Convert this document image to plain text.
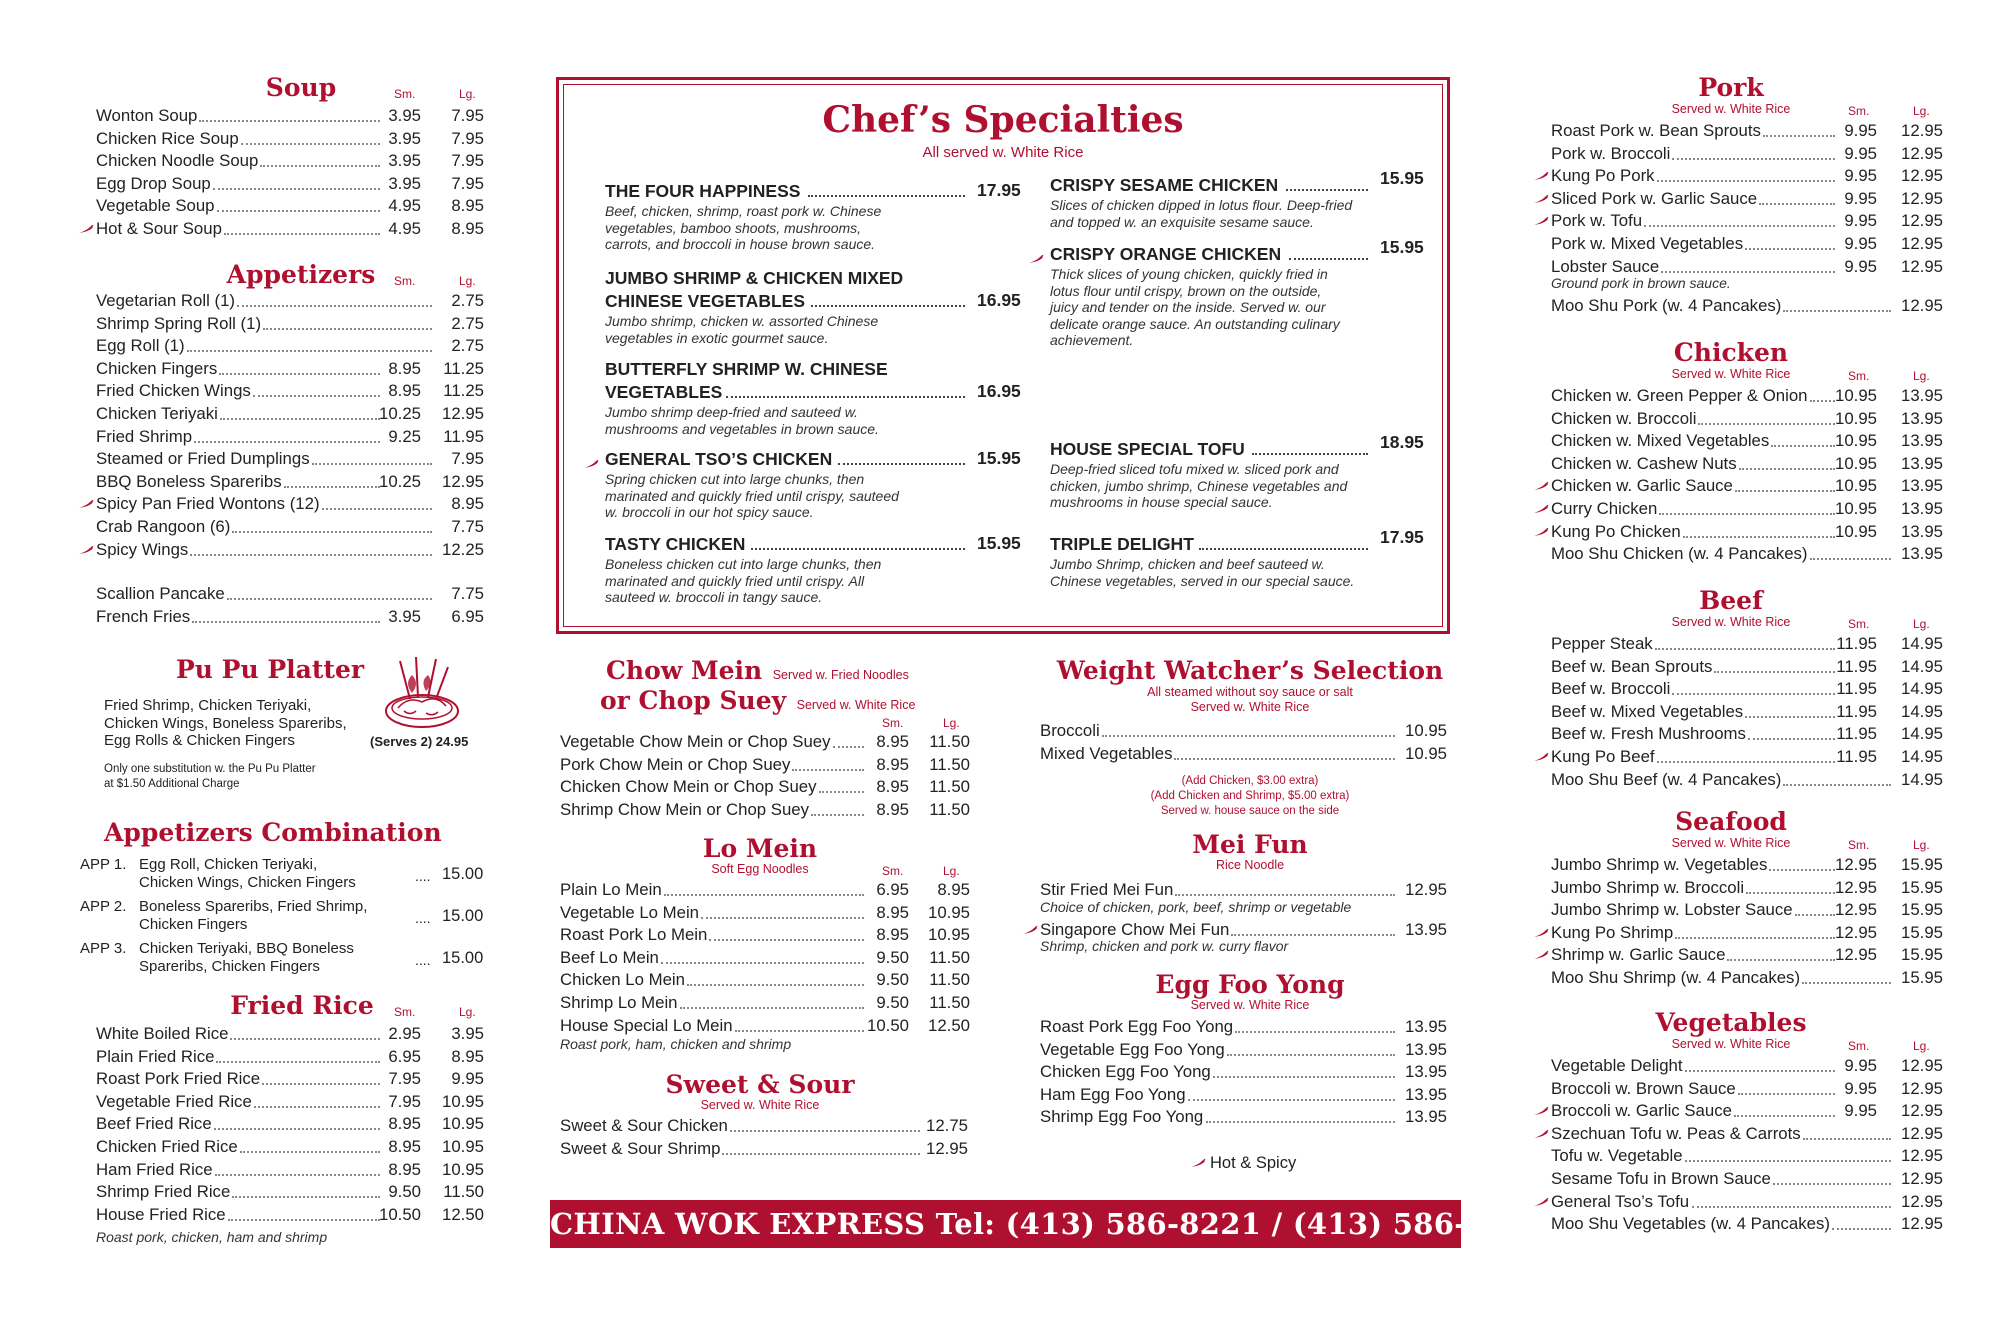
Soup	Sm.	Lg.
Wonton Soup	3.95	7.95
Chicken Rice Soup	3.95	7.95
Chicken Noodle Soup	3.95	7.95
Egg Drop Soup	3.95	7.95
Vegetable Soup	4.95	8.95
Hot & Sour Soup	4.95	8.95
Appetizers	Sm.	Lg.
Vegetarian Roll (1)	2.75
Shrimp Spring Roll (1)	2.75
Egg Roll (1)	2.75
Chicken Fingers	8.95	11.25
Fried Chicken Wings	8.95	11.25
Chicken Teriyaki	10.25	12.95
Fried Shrimp	9.25	11.95
Steamed or Fried Dumplings	7.95
BBQ Boneless Spareribs	10.25	12.95
Spicy Pan Fried Wontons (12)	8.95
Crab Rangoon (6)	7.75
Spicy Wings	12.25
Scallion Pancake	7.75
French Fries	3.95	6.95
Pu Pu Platter
Fried Shrimp, Chicken Teriyaki,
Chicken Wings, Boneless Spareribs,
Egg Rolls & Chicken Fingers	(Serves 2) 24.95
Only one substitution w. the Pu Pu Platter
at $1.50 Additional Charge
Appetizers Combination
APP 1. Egg Roll, Chicken Teriyaki,
Chicken Wings, Chicken Fingers	.... 15.00
APP 2. Boneless Spareribs, Fried Shrimp,
Chicken Fingers	.... 15.00
APP 3. Chicken Teriyaki, BBQ Boneless
Spareribs, Chicken Fingers	.... 15.00
Fried Rice	Sm.	Lg.
White Boiled Rice	2.95	3.95
Plain Fried Rice	6.95	8.95
Roast Pork Fried Rice	7.95	9.95
Vegetable Fried Rice	7.95	10.95
Beef Fried Rice	8.95	10.95
Chicken Fried Rice	8.95	10.95
Ham Fried Rice	8.95	10.95
Shrimp Fried Rice	9.50	11.50
House Fried Rice	10.50	12.50
Roast pork, chicken, ham and shrimp
Chef’s Specialties
All served w. White Rice
THE FOUR HAPPINESS	17.95
Beef, chicken, shrimp, roast pork w. Chinese
vegetables, bamboo shoots, mushrooms,
carrots, and broccoli in house brown sauce.
JUMBO SHRIMP & CHICKEN MIXED
CHINESE VEGETABLES	16.95
Jumbo shrimp, chicken w. assorted Chinese
vegetables in exotic gourmet sauce.
BUTTERFLY SHRIMP W. CHINESE
VEGETABLES	16.95
Jumbo shrimp deep-fried and sauteed w.
mushrooms and vegetables in brown sauce.
GENERAL TSO’S CHICKEN	15.95
Spring chicken cut into large chunks, then
marinated and quickly fried until crispy, sauteed
w. broccoli in our hot spicy sauce.
TASTY CHICKEN	15.95
Boneless chicken cut into large chunks, then
marinated and quickly fried until crispy. All
sauteed w. broccoli in tangy sauce.
CRISPY SESAME CHICKEN	15.95
Slices of chicken dipped in lotus flour. Deep-fried
and topped w. an exquisite sesame sauce.
CRISPY ORANGE CHICKEN	15.95
Thick slices of young chicken, quickly fried in
lotus flour until crispy, brown on the outside,
juicy and tender on the inside. Served w. our
delicate orange sauce. An outstanding culinary
achievement.
HOUSE SPECIAL TOFU	18.95
Deep-fried sliced tofu mixed w. sliced pork and
chicken, jumbo shrimp, Chinese vegetables and
mushrooms in house special sauce.
TRIPLE DELIGHT	17.95
Jumbo Shrimp, chicken and beef sauteed w.
Chinese vegetables, served in our special sauce.
Chow Mein Served w. Fried Noodles
or Chop Suey Served w. White Rice
Sm.	Lg.
Vegetable Chow Mein or Chop Suey	8.95	11.50
Pork Chow Mein or Chop Suey	8.95	11.50
Chicken Chow Mein or Chop Suey	8.95	11.50
Shrimp Chow Mein or Chop Suey	8.95	11.50
Lo Mein
Soft Egg Noodles	Sm.	Lg.
Plain Lo Mein	6.95	8.95
Vegetable Lo Mein	8.95	10.95
Roast Pork Lo Mein	8.95	10.95
Beef Lo Mein	9.50	11.50
Chicken Lo Mein	9.50	11.50
Shrimp Lo Mein	9.50	11.50
House Special Lo Mein	10.50	12.50
Roast pork, ham, chicken and shrimp
Sweet & Sour
Served w. White Rice
Sweet & Sour Chicken	12.75
Sweet & Sour Shrimp	12.95
Weight Watcher’s Selection
All steamed without soy sauce or salt
Served w. White Rice
Broccoli	10.95
Mixed Vegetables	10.95
(Add Chicken, $3.00 extra)
(Add Chicken and Shrimp, $5.00 extra)
Served w. house sauce on the side
Mei Fun
Rice Noodle
Stir Fried Mei Fun	12.95
Choice of chicken, pork, beef, shrimp or vegetable
Singapore Chow Mei Fun	13.95
Shrimp, chicken and pork w. curry flavor
Egg Foo Yong
Served w. White Rice
Roast Pork Egg Foo Yong	13.95
Vegetable Egg Foo Yong	13.95
Chicken Egg Foo Yong	13.95
Ham Egg Foo Yong	13.95
Shrimp Egg Foo Yong	13.95
Hot & Spicy
CHINA WOK EXPRESS Tel: (413) 586-8221 / (413) 586-8220
Pork
Served w. White Rice	Sm.	Lg.
Roast Pork w. Bean Sprouts	9.95	12.95
Pork w. Broccoli	9.95	12.95
Kung Po Pork	9.95	12.95
Sliced Pork w. Garlic Sauce	9.95	12.95
Pork w. Tofu	9.95	12.95
Pork w. Mixed Vegetables	9.95	12.95
Lobster Sauce	9.95	12.95
Ground pork in brown sauce.
Moo Shu Pork (w. 4 Pancakes)	12.95
Chicken
Served w. White Rice	Sm.	Lg.
Chicken w. Green Pepper & Onion	10.95	13.95
Chicken w. Broccoli	10.95	13.95
Chicken w. Mixed Vegetables	10.95	13.95
Chicken w. Cashew Nuts	10.95	13.95
Chicken w. Garlic Sauce	10.95	13.95
Curry Chicken	10.95	13.95
Kung Po Chicken	10.95	13.95
Moo Shu Chicken (w. 4 Pancakes)	13.95
Beef
Served w. White Rice	Sm.	Lg.
Pepper Steak	11.95	14.95
Beef w. Bean Sprouts	11.95	14.95
Beef w. Broccoli	11.95	14.95
Beef w. Mixed Vegetables	11.95	14.95
Beef w. Fresh Mushrooms	11.95	14.95
Kung Po Beef	11.95	14.95
Moo Shu Beef (w. 4 Pancakes)	14.95
Seafood
Served w. White Rice	Sm.	Lg.
Jumbo Shrimp w. Vegetables	12.95	15.95
Jumbo Shrimp w. Broccoli	12.95	15.95
Jumbo Shrimp w. Lobster Sauce	12.95	15.95
Kung Po Shrimp	12.95	15.95
Shrimp w. Garlic Sauce	12.95	15.95
Moo Shu Shrimp (w. 4 Pancakes)	15.95
Vegetables
Served w. White Rice	Sm.	Lg.
Vegetable Delight	9.95	12.95
Broccoli w. Brown Sauce	9.95	12.95
Broccoli w. Garlic Sauce	9.95	12.95
Szechuan Tofu w. Peas & Carrots	12.95
Tofu w. Vegetable	12.95
Sesame Tofu in Brown Sauce	12.95
General Tso’s Tofu	12.95
Moo Shu Vegetables (w. 4 Pancakes)	12.95
